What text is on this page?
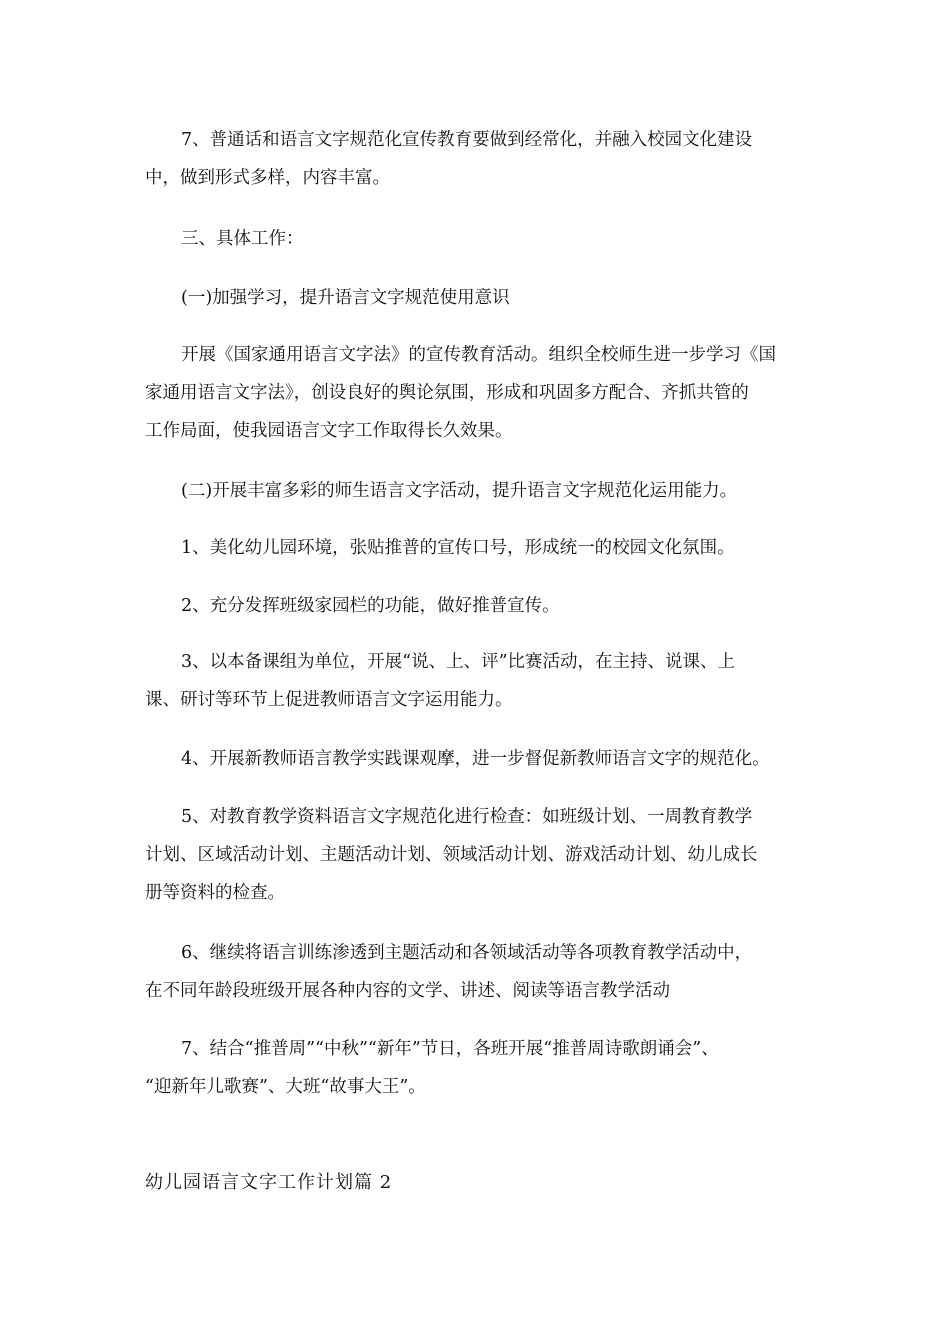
7、普通话和语言文字规范化宣传教育要做到经常化，并融入校园文化建设
中，做到形式多样，内容丰富。

三、具体工作：

(一)加强学习，提升语言文字规范使用意识

开展《国家通用语言文字法》的宣传教育活动。组织全校师生进一步学习《国
家通用语言文字法》，创设良好的舆论氛围，形成和巩固多方配合、齐抓共管的
工作局面，使我园语言文字工作取得长久效果。

(二)开展丰富多彩的师生语言文字活动，提升语言文字规范化运用能力。

1、美化幼儿园环境，张贴推普的宣传口号，形成统一的校园文化氛围。

2、充分发挥班级家园栏的功能，做好推普宣传。

3、以本备课组为单位，开展“说、上、评”比赛活动，在主持、说课、上
课、研讨等环节上促进教师语言文字运用能力。

4、开展新教师语言教学实践课观摩，进一步督促新教师语言文字的规范化。

5、对教育教学资料语言文字规范化进行检查：如班级计划、一周教育教学
计划、区域活动计划、主题活动计划、领域活动计划、游戏活动计划、幼儿成长
册等资料的检查。

6、继续将语言训练渗透到主题活动和各领域活动等各项教育教学活动中，
在不同年龄段班级开展各种内容的文学、讲述、阅读等语言教学活动

7、结合“推普周”“中秋”“新年”节日，各班开展“推普周诗歌朗诵会”、
“迎新年儿歌赛”、大班“故事大王”。

幼儿园语言文字工作计划篇 2
